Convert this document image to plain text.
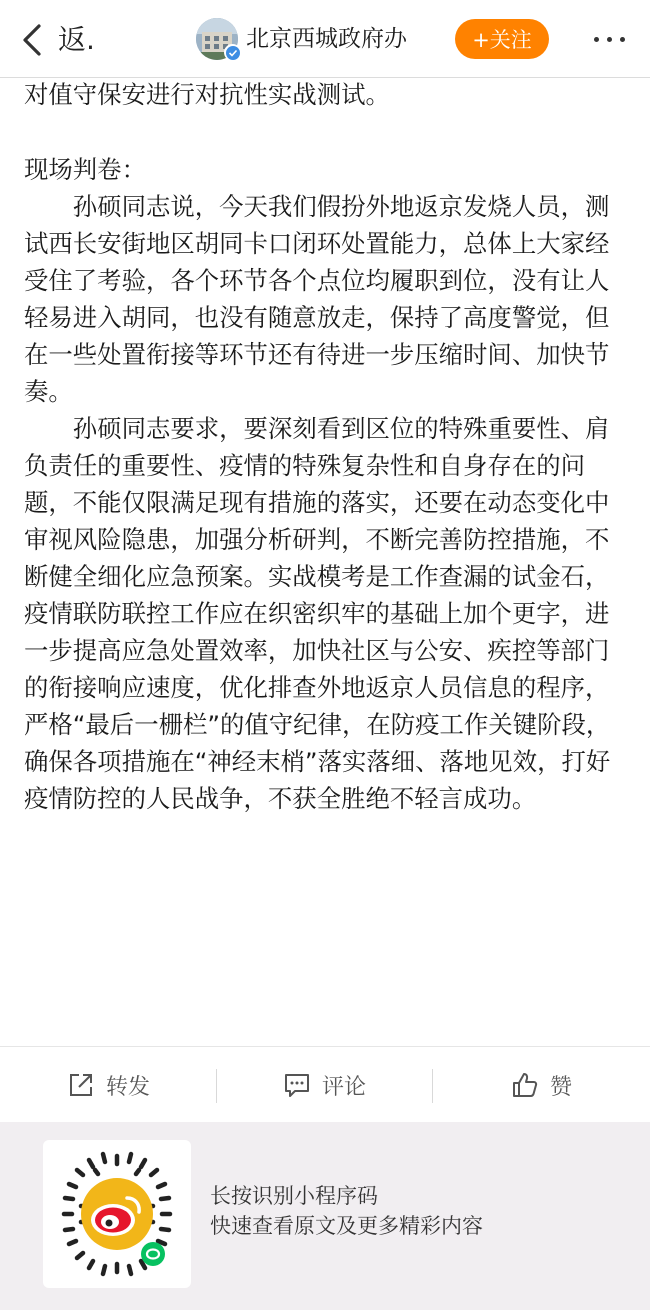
返.	北京西城政府办	+关注

对值守保安进行对抗性实战测试。

现场判卷：

孙硕同志说，今天我们假扮外地返京发烧人员，测试西长安街地区胡同卡口闭环处置能力，总体上大家经受住了考验，各个环节各个点位均履职到位，没有让人轻易进入胡同，也没有随意放走，保持了高度警觉，但在一些处置衔接等环节还有待进一步压缩时间、加快节奏。

孙硕同志要求，要深刻看到区位的特殊重要性、肩负责任的重要性、疫情的特殊复杂性和自身存在的问题，不能仅限满足现有措施的落实，还要在动态变化中审视风险隐患，加强分析研判，不断完善防控措施，不断健全细化应急预案。实战模考是工作查漏的试金石，疫情联防联控工作应在织密织牢的基础上加个更字，进一步提高应急处置效率，加快社区与公安、疾控等部门的衔接响应速度，优化排查外地返京人员信息的程序，严格“最后一栅栏”的值守纪律，在防疫工作关键阶段，确保各项措施在“神经末梢”落实落细、落地见效，打好疫情防控的人民战争，不获全胜绝不轻言成功。

转发	评论	赞
长按识别小程序码
快速查看原文及更多精彩内容
